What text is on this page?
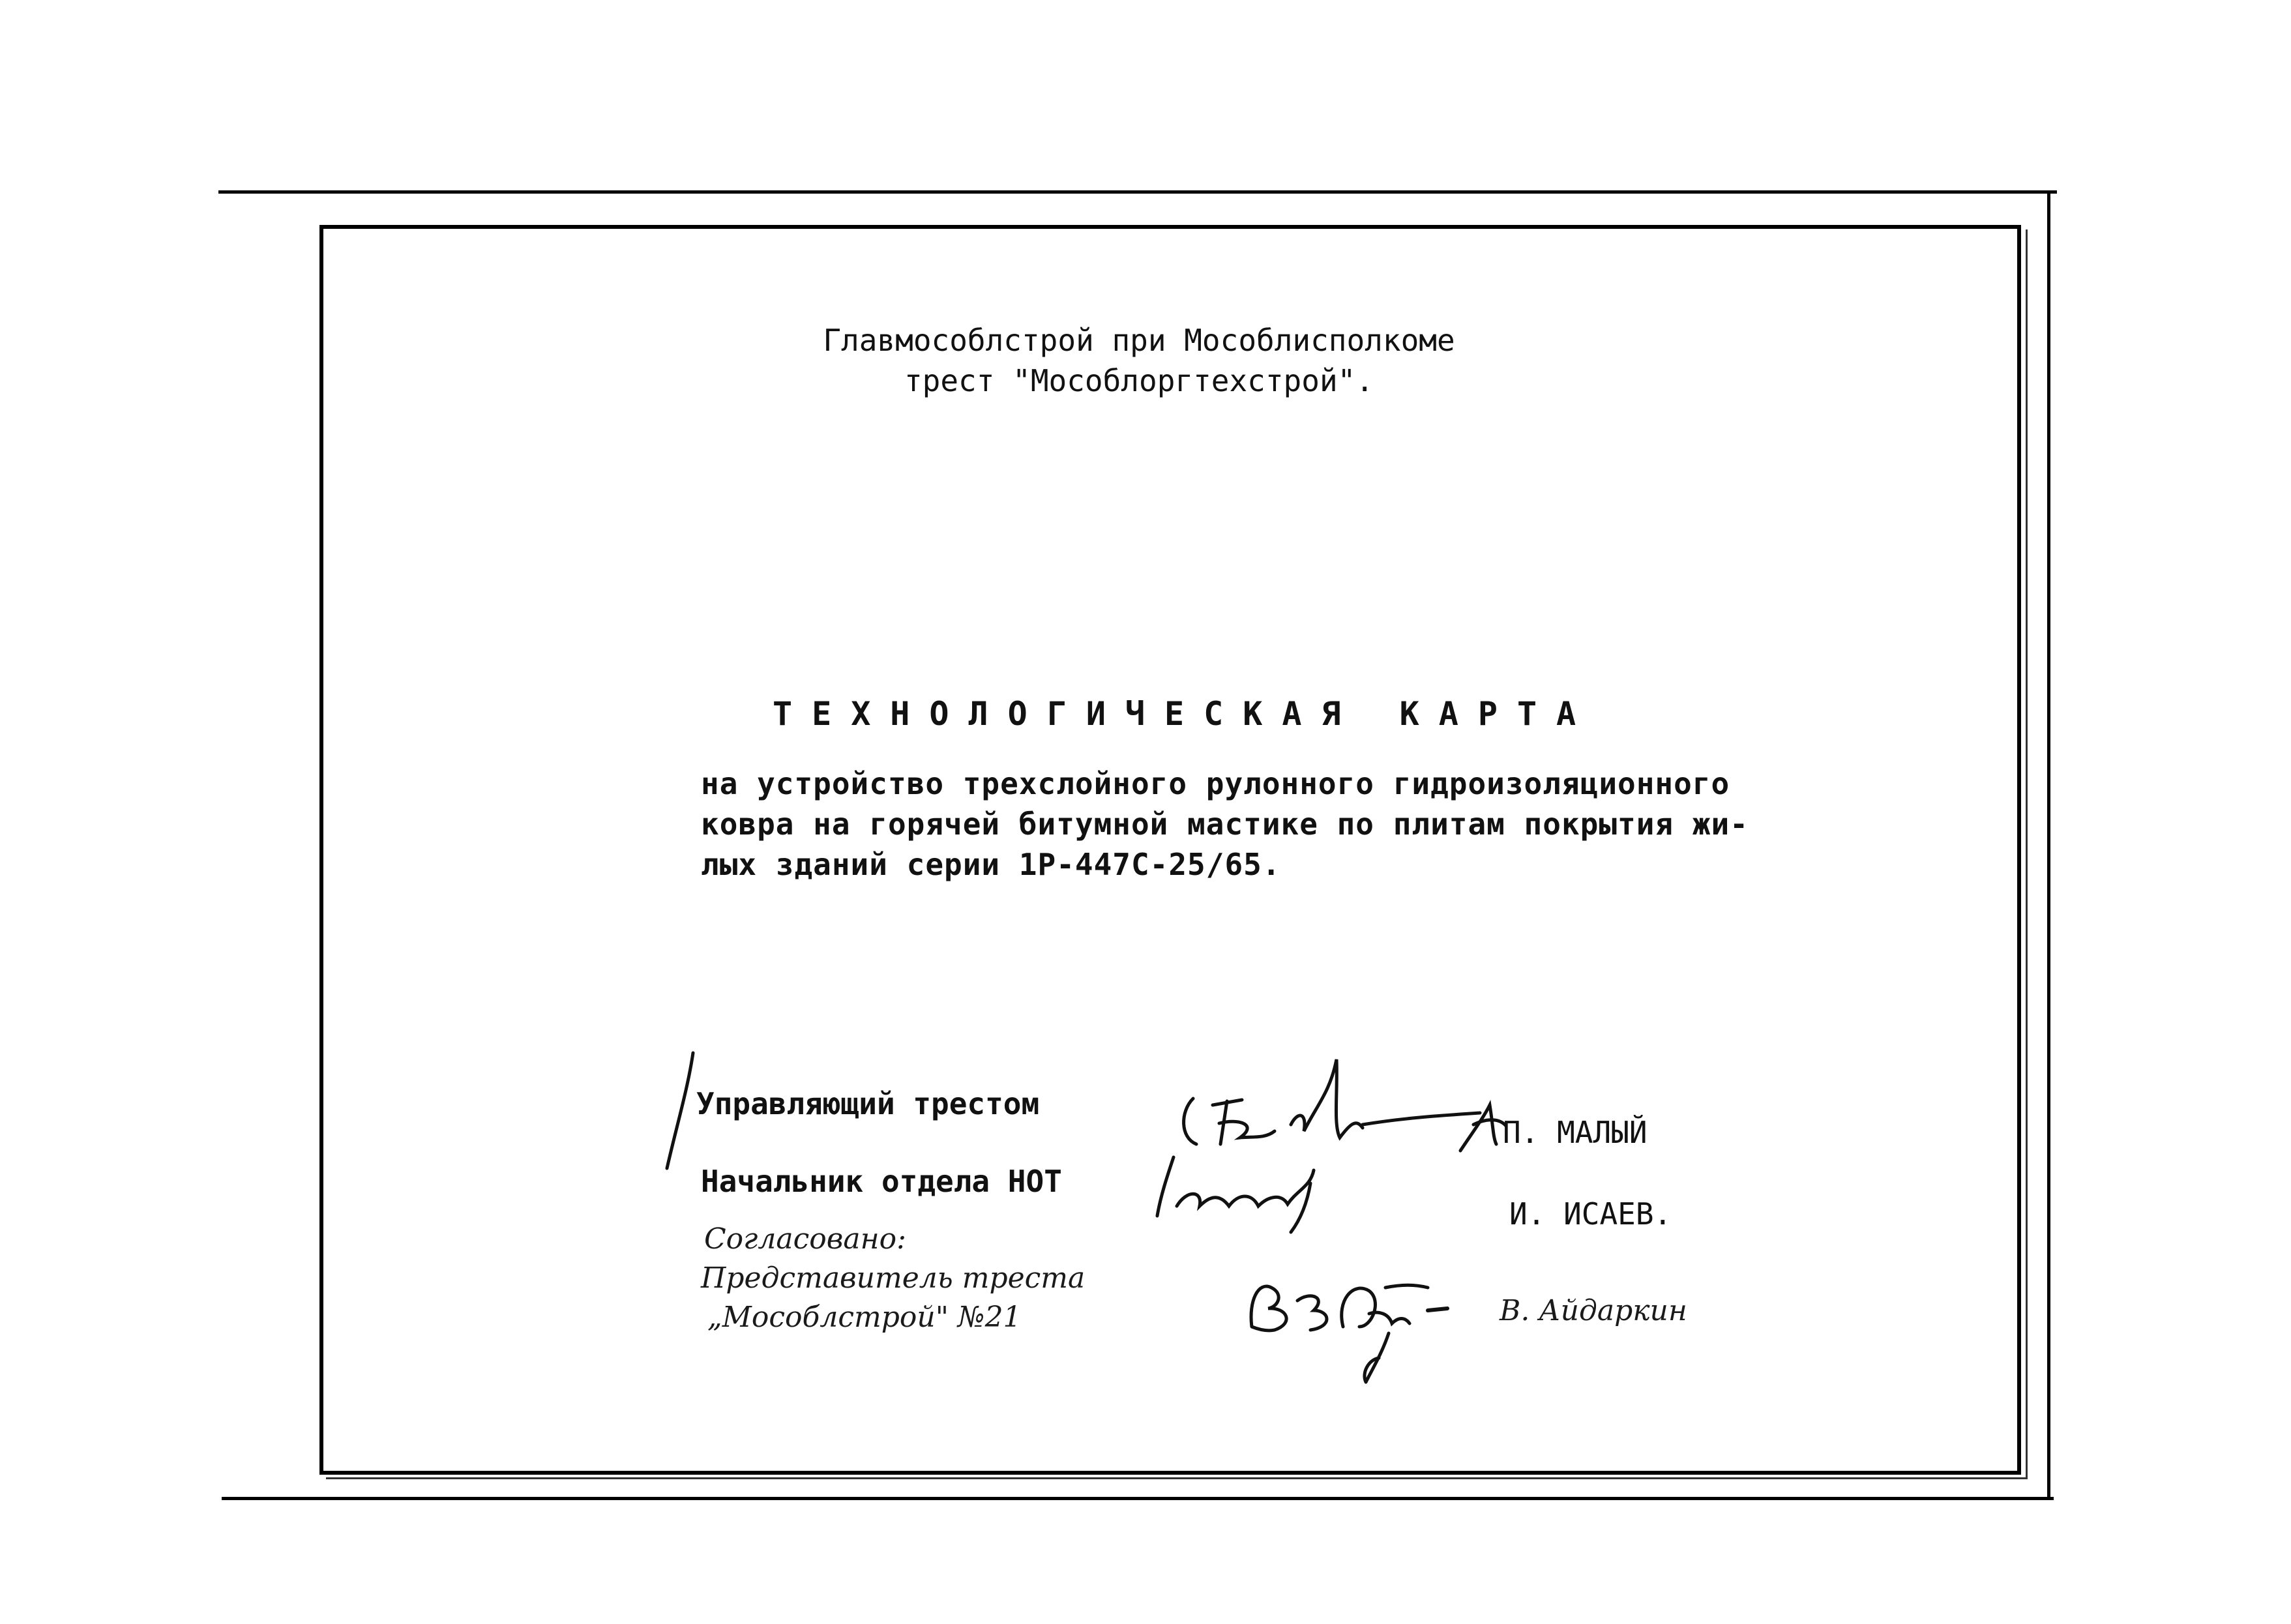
Главмособлстрой при Мособлисполкоме
трест "Мособлоргтехстрой".
ТЕХНОЛОГИЧЕСКАЯ КАРТА
на устройство трехслойного рулонного гидроизоляционного
ковра на горячей битумной мастике по плитам покрытия жи-
лых зданий серии 1Р-447С-25/65.
Управляющий трестом
Начальник отдела НОТ
П. МАЛЫЙ
И. ИСАЕВ.
Согласовано:
Представитель треста
„Мособлстрой" №21	В. Айдаркин
